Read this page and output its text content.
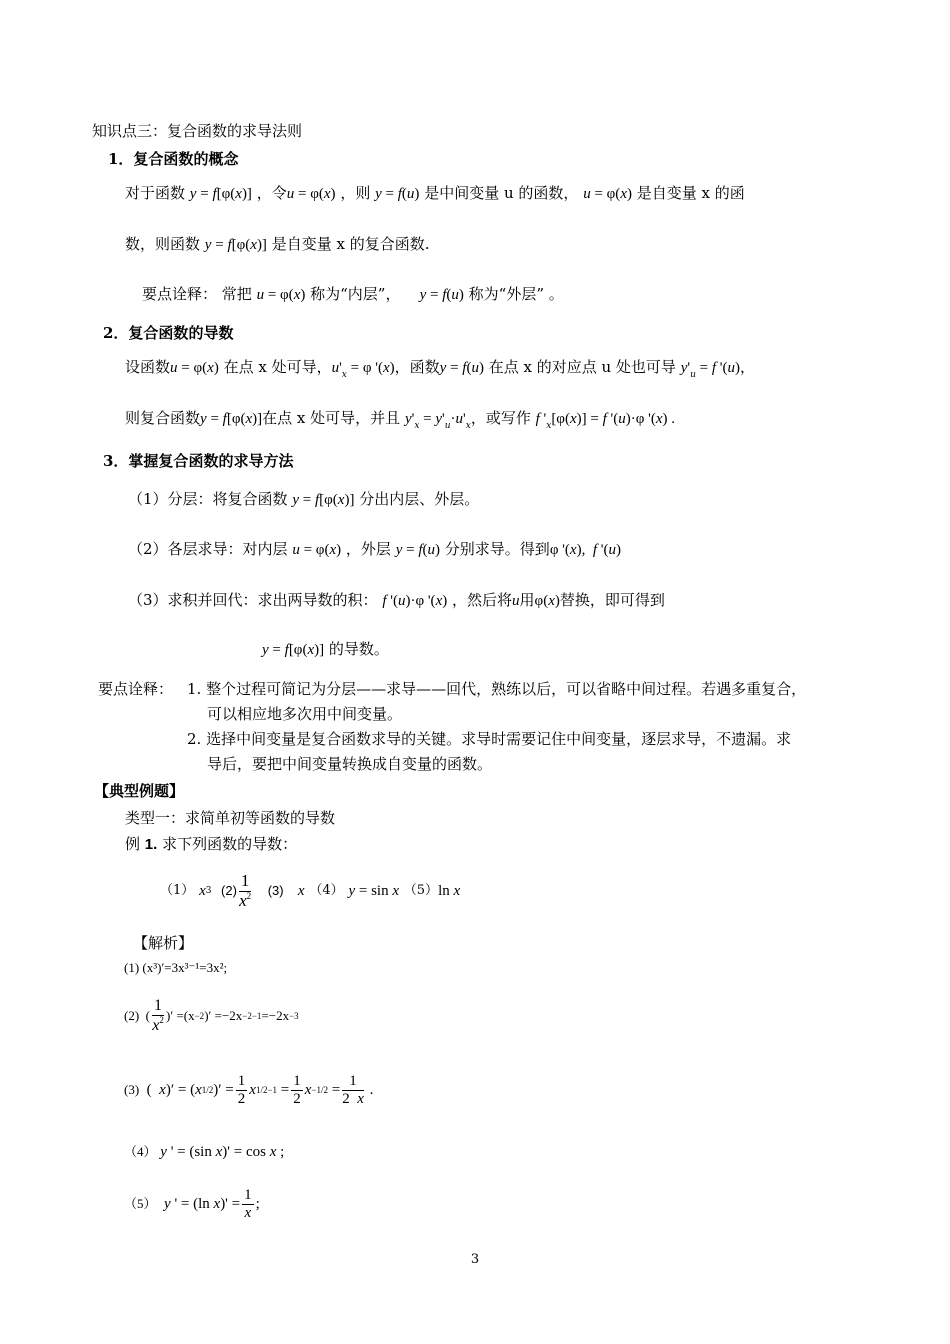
知识点三：复合函数的求导法则
1．复合函数的概念
对于函数 y = f[φ(x)] ，令u = φ(x) ，则 y = f(u) 是中间变量 u 的函数， u = φ(x) 是自变量 x 的函
数，则函数 y = f[φ(x)] 是自变量 x 的复合函数.
要点诠释： 常把 u = φ(x) 称为“内层”， y = f(u) 称为“外层” 。
2．复合函数的导数
设函数u = φ(x) 在点 x 处可导，$u'_x = \varphi$ '(x)，函数y = f(u) 在点 x 的对应点 u 处也可导 $y'_u = f$ '(u)，
则复合函数y = f[φ(x)]在点 x 处可导，并且 $y'_x = y'_u\cdot u'_x$，或写作 f '$_x[\varphi(x)] = f$ '(u)·φ '(x) .
3．掌握复合函数的求导方法
（1）分层：将复合函数 y = f[φ(x)] 分出内层、外层。
（2）各层求导：对内层 u = φ(x) ，外层 y = f(u) 分别求导。得到φ '(x),  f '(u)
（3）求积并回代：求出两导数的积： f '(u)·φ '(x) ，然后将u用φ(x)替换，即可得到
y = f[φ(x)] 的导数。
要点诠释： 1. 整个过程可简记为分层——求导——回代，熟练以后，可以省略中间过程。若遇多重复合，
可以相应地多次用中间变量。
2. 选择中间变量是复合函数求导的关键。求导时需要记住中间变量，逐层求导，不遗漏。求
导后，要把中间变量转换成自变量的函数。
【典型例题】
类型一：求简单初等函数的导数
例 1. 求下列函数的导数：
（1）
x 3
$(2) \frac{1}{x^2}$
(3)
x
（4）
y = sin x
（5） ln x
【解析】
(1) (x³)′=3x³⁻¹=3x²;
(2) ( $\frac{1}{x^2}$ )′ =(x −2 )′ =−2x −2−1 =−2x −3
(3) ( x )′ = ( x 1/2 )′ = $\frac{1}{2}$ x $1/2-1 = \frac{1}{2}$ $x -1/2 = \frac{1}{2 x}$ .
（4） y ' = (sin x)' = cos x ;
（5）
y ' = (ln x )' = $\frac{1}{x}$ ;
3
